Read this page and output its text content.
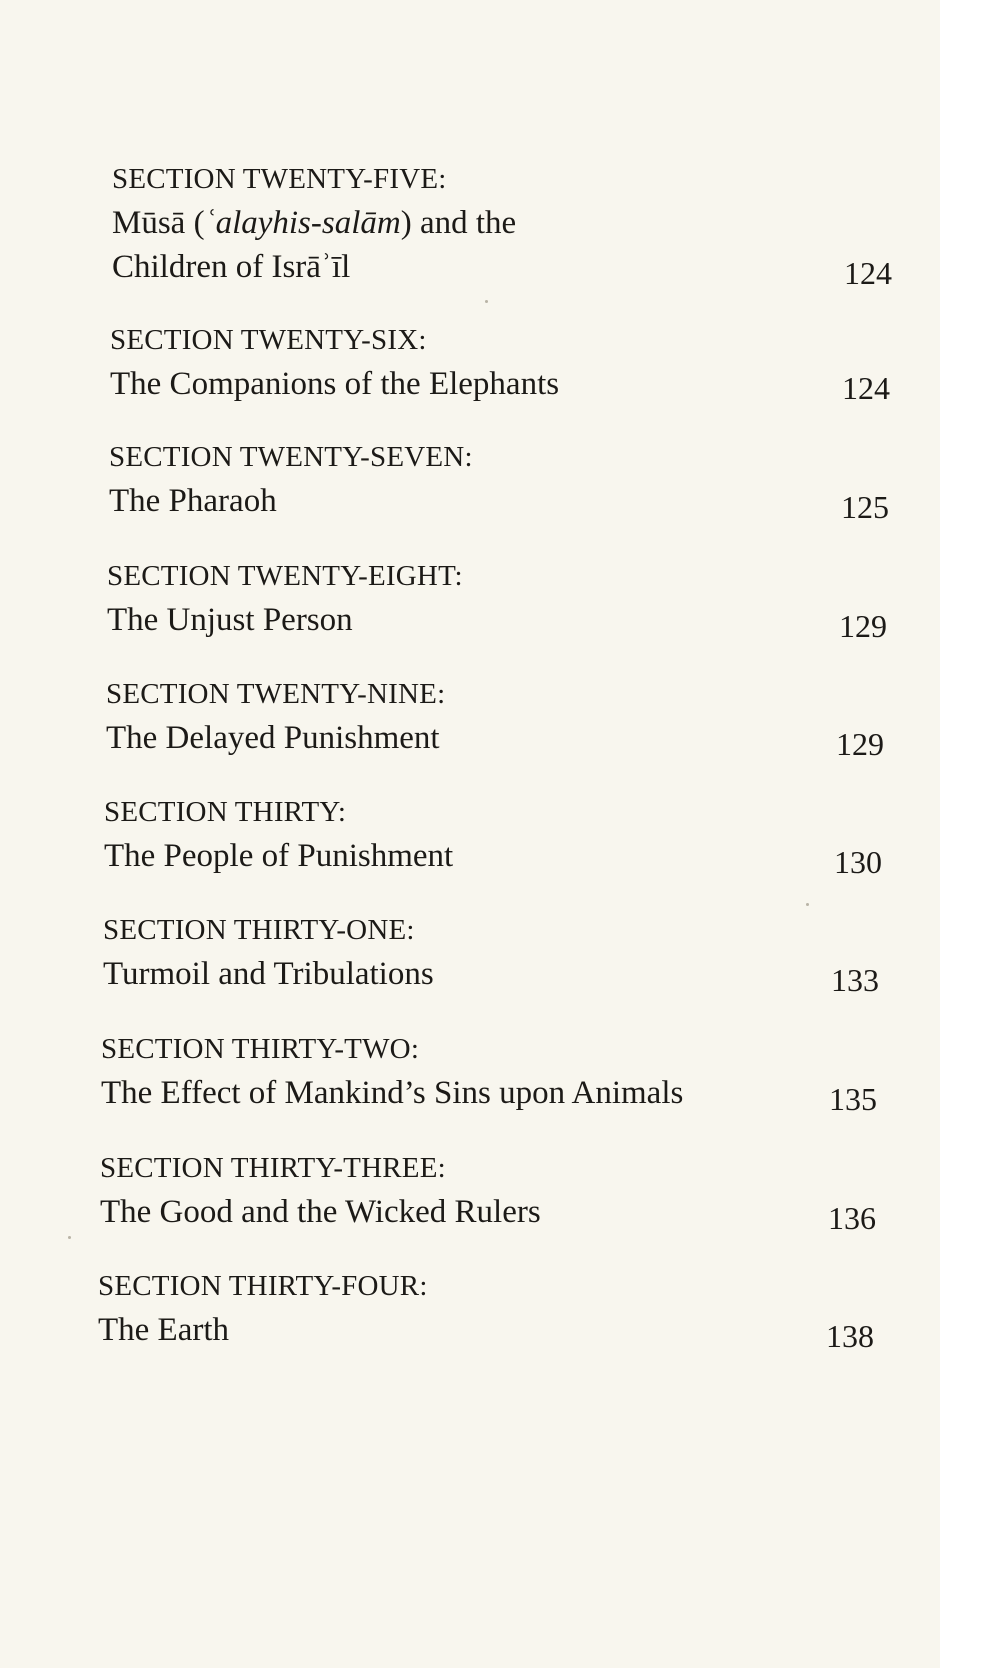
SECTION TWENTY-FIVE:
Mūsā (ʿalayhis-salām) and the
Children of Isrāʾīl	124
SECTION TWENTY-SIX:
The Companions of the Elephants	124
SECTION TWENTY-SEVEN:
The Pharaoh	125
SECTION TWENTY-EIGHT:
The Unjust Person	129
SECTION TWENTY-NINE:
The Delayed Punishment	129
SECTION THIRTY:
The People of Punishment	130
SECTION THIRTY-ONE:
Turmoil and Tribulations	133
SECTION THIRTY-TWO:
The Effect of Mankind’s Sins upon Animals	135
SECTION THIRTY-THREE:
The Good and the Wicked Rulers	136
SECTION THIRTY-FOUR:
The Earth	138
